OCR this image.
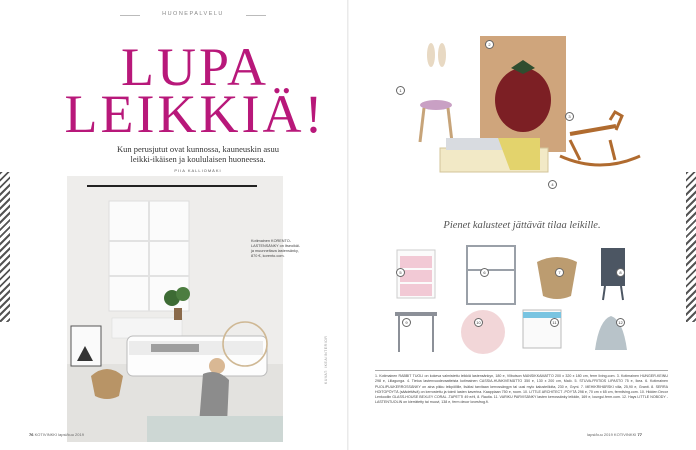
HUONEPALVELU
LUPA
LEIKKIÄ!
Kun perusjutut ovat kunnossa, kauneuskin asuu
leikki-ikäisen ja koululaisen huoneessa.
PIIA KALLIOMÄKI
Kotimainen KORENTO-
LASTENSÄNKY on Itseoikäi-
ja muunneltava lastensänky,
870 €, korento.com.
KUVAT: IKEA/INTERIOR
76 KOTIVINKKI lapsi/kuu 2019
Pienet kalusteet jättävät tilaa leikille.
1
2
3
4
5	6	7	8
9	10	11	12
1. Kotimainen RABBIT TUOLI on kokeva valmistettu leikkiä lastensänkyn, 180 e, Vilbutson MANSIKKAMATTO 200 x 320 x 180 cm, ferm living.com. 3. Kotimainen HUNGER-KEINU 298 e, Lillagunga. 4. Tietoa lastenvuodevaatteista kotimainen CASSIA-HUNKIVEMÄTTO 350 e, 130 x 200 cm, Maló. 5. STUVA-FRITIDS LIPASTO 75 e, Ikea. 6. Kotimainen PUOLIPUUKERROSSÄNKY on aina pikku leikpöllille, lisäksi tarvitaan kerrossängyn tai uusi mylo kalusteillolta, 230 e, Gryni. 7. MEHIKRIHÄRSKI villa, 25,90 e, Granit. 8. SERRA HOITOPÖYTÄ (säädettävä) on kerrostettu ja toimii lasten kaverina. Kaappiaan 750 e, room. 10. LITTLE ARCHITECT -PÖYTÄ 298 e, 70 cm x 65 cm, fermliving.com. 10. Hidden Decor Lenkooliin GLASS-HOUSE BEXLEY CORAL -TAPETTI 49 e/rll, 8. Rautia. 11. VARIKU PARVISÄNKY lasten kerrossänky leikkiin, 169 e, loungui.ferm.com. 12. Hays LITTLE NOBODY -LASTENTUOLIN on kierrätetty tai muovi, 138 e, ferm decor lovesfrog.fi.
lapsi/kuu 2019 KOTIVINKKI 77
